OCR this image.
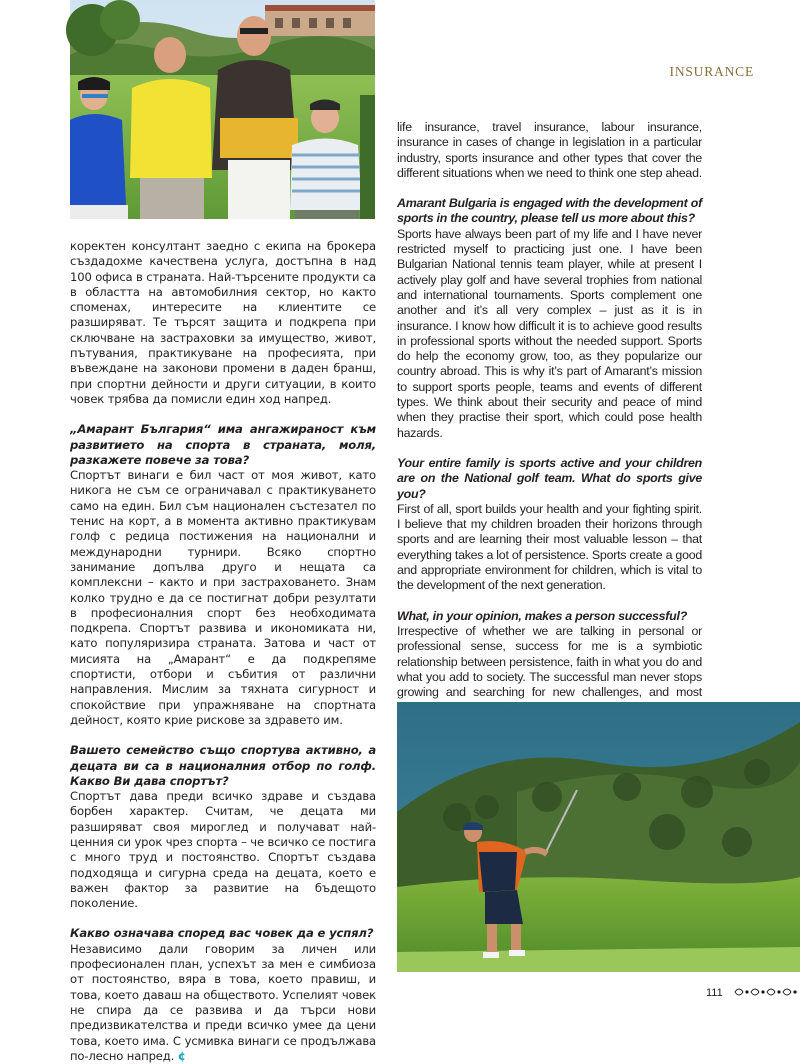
INSURANCE

коректен консултант заедно с екипа на брокера създадохме качествена услуга, достъпна в над 100 офиса в страната. Най-търсените продукти са в областта на автомобилния сектор, но както споменах, интересите на клиентите се разширяват. Те търсят защита и подкрепа при сключване на застраховки за имущество, живот, пътувания, практикуване на професията, при въвеждане на законови промени в даден бранш, при спортни дейности и други ситуации, в които човек трябва да помисли един ход напред.

„Амарант България“ има ангажираност към развитието на спорта в страната, моля, разкажете повече за това?

Спортът винаги е бил част от моя живот, като никога не съм се ограничавал с практикуването само на един. Бил съм национален състезател по тенис на корт, а в момента активно практикувам голф с редица постижения на национални и международни турнири. Всяко спортно занимание допълва друго и нещата са комплексни – както и при застраховането. Знам колко трудно е да се постигнат добри резултати в професионалния спорт без необходимата подкрепа. Спортът развива и икономиката ни, като популяризира страната. Затова и част от мисията на „Амарант“ е да подкрепяме спортисти, отбори и събития от различни направления. Мислим за тяхната сигурност и спокойствие при упражняване на спортната дейност, която крие рискове за здравето им.

Вашето семейство също спортува активно, а децата ви са в националния отбор по голф. Какво Ви дава спортът?

Спортът дава преди всичко здраве и създава борбен характер. Считам, че децата ми разширяват своя мироглед и получават най-ценния си урок чрез спорта – че всичко се постига с много труд и постоянство. Спортът създава подходяща и сигурна среда на децата, което е важен фактор за развитие на бъдещото поколение.

Какво означава според вас човек да е успял?

Независимо дали говорим за личен или професионален план, успехът за мен е симбиоза от постоянство, вяра в това, което правиш, и това, което даваш на обществото. Успелият човек не спира да се развива и да търси нови предизвикателства и преди всичко умее да цени това, което има. С усмивка винаги се продължава по-лесно напред. ¢

life insurance, travel insurance, labour insurance, insurance in cases of change in legislation in a particular industry, sports insurance and other types that cover the different situations when we need to think one step ahead.

Amarant Bulgaria is engaged with the development of sports in the country, please tell us more about this?

Sports have always been part of my life and I have never restricted myself to practicing just one. I have been Bulgarian National tennis team player, while at present I actively play golf and have several trophies from national and international tournaments. Sports complement one another and it’s all very complex – just as it is in insurance. I know how difficult it is to achieve good results in professional sports without the needed support. Sports do help the economy grow, too, as they popularize our country abroad. This is why it’s part of Amarant’s mission to support sports people, teams and events of different types. We think about their security and peace of mind when they practise their sport, which could pose health hazards.

Your entire family is sports active and your children are on the National golf team. What do sports give you?

First of all, sport builds your health and your fighting spirit. I believe that my children broaden their horizons through sports and are learning their most valuable lesson – that everything takes a lot of persistence. Sports create a good and appropriate environment for children, which is vital to the development of the next generation.

What, in your opinion, makes a person successful?

Irrespective of whether we are talking in personal or professional sense, success for me is a symbiotic relationship between persistence, faith in what you do and what you add to society. The successful man never stops growing and searching for new challenges, and most

111
